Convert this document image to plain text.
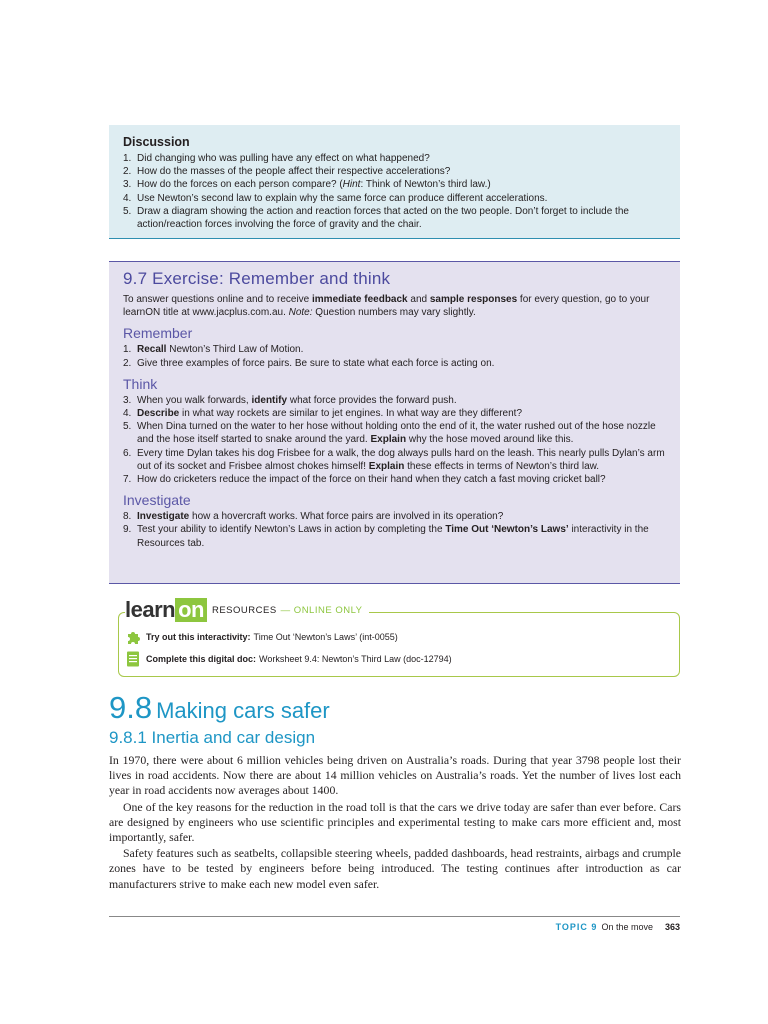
Discussion
1. Did changing who was pulling have any effect on what happened?
2. How do the masses of the people affect their respective accelerations?
3. How do the forces on each person compare? (Hint: Think of Newton’s third law.)
4. Use Newton’s second law to explain why the same force can produce different accelerations.
5. Draw a diagram showing the action and reaction forces that acted on the two people. Don’t forget to include the action/reaction forces involving the force of gravity and the chair.
9.7 Exercise: Remember and think

To answer questions online and to receive immediate feedback and sample responses for every question, go to your learnON title at www.jacplus.com.au. Note: Question numbers may vary slightly.

Remember
1. Recall Newton’s Third Law of Motion.
2. Give three examples of force pairs. Be sure to state what each force is acting on.
Think
3. When you walk forwards, identify what force provides the forward push.
4. Describe in what way rockets are similar to jet engines. In what way are they different?
5. When Dina turned on the water to her hose without holding onto the end of it, the water rushed out of the hose nozzle and the hose itself started to snake around the yard. Explain why the hose moved around like this.
6. Every time Dylan takes his dog Frisbee for a walk, the dog always pulls hard on the leash. This nearly pulls Dylan’s arm out of its socket and Frisbee almost chokes himself! Explain these effects in terms of Newton’s third law.
7. How do cricketers reduce the impact of the force on their hand when they catch a fast moving cricket ball?
Investigate
8. Investigate how a hovercraft works. What force pairs are involved in its operation?
9. Test your ability to identify Newton’s Laws in action by completing the Time Out ‘Newton’s Laws’ interactivity in the Resources tab.
learn on RESOURCES — ONLINE ONLY
Try out this interactivity: Time Out ‘Newton’s Laws’ (int-0055)
Complete this digital doc: Worksheet 9.4: Newton’s Third Law (doc-12794)
9.8 Making cars safer
9.8.1 Inertia and car design

In 1970, there were about 6 million vehicles being driven on Australia’s roads. During that year 3798 people lost their lives in road accidents. Now there are about 14 million vehicles on Australia’s roads. Yet the number of lives lost each year in road accidents now averages about 1400.

One of the key reasons for the reduction in the road toll is that the cars we drive today are safer than ever before. Cars are designed by engineers who use scientific principles and experimental testing to make cars more efficient and, most importantly, safer.

Safety features such as seatbelts, collapsible steering wheels, padded dashboards, head restraints, airbags and crumple zones have to be tested by engineers before being introduced. The testing continues after introduction as car manufacturers strive to make each new model even safer.

TOPIC 9 On the move 363
